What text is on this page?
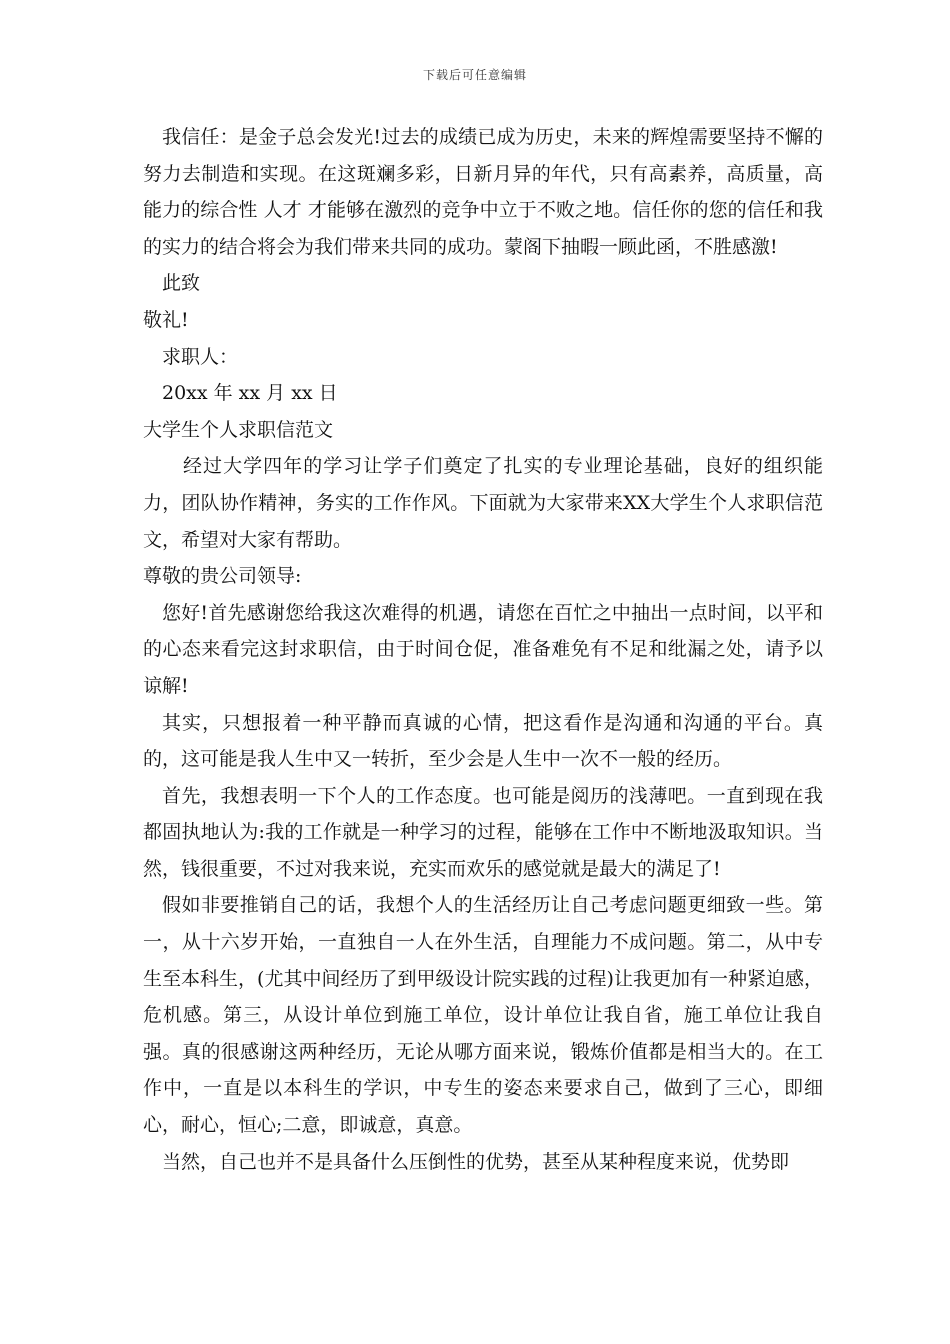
下载后可任意编辑

我信任：是金子总会发光!过去的成绩已成为历史，未来的辉煌需要坚持不懈的努力去制造和实现。在这斑斓多彩，日新月异的年代，只有高素养，高质量，高能力的综合性 人才 才能够在激烈的竞争中立于不败之地。信任你的您的信任和我的实力的结合将会为我们带来共同的成功。蒙阁下抽暇一顾此函，不胜感激!

此致

敬礼!

求职人：

20xx 年 xx 月 xx 日

大学生个人求职信范文

经过大学四年的学习让学子们奠定了扎实的专业理论基础，良好的组织能力，团队协作精神，务实的工作作风。下面就为大家带来XX大学生个人求职信范文，希望对大家有帮助。

尊敬的贵公司领导:

您好!首先感谢您给我这次难得的机遇，请您在百忙之中抽出一点时间，以平和的心态来看完这封求职信，由于时间仓促，准备难免有不足和纰漏之处，请予以谅解!

其实，只想报着一种平静而真诚的心情，把这看作是沟通和沟通的平台。真的，这可能是我人生中又一转折，至少会是人生中一次不一般的经历。

首先，我想表明一下个人的工作态度。也可能是阅历的浅薄吧。一直到现在我都固执地认为:我的工作就是一种学习的过程，能够在工作中不断地汲取知识。当然，钱很重要，不过对我来说，充实而欢乐的感觉就是最大的满足了!

假如非要推销自己的话，我想个人的生活经历让自己考虑问题更细致一些。第一，从十六岁开始，一直独自一人在外生活，自理能力不成问题。第二，从中专生至本科生，(尤其中间经历了到甲级设计院实践的过程)让我更加有一种紧迫感，危机感。第三，从设计单位到施工单位，设计单位让我自省，施工单位让我自强。真的很感谢这两种经历，无论从哪方面来说，锻炼价值都是相当大的。在工作中，一直是以本科生的学识，中专生的姿态来要求自己，做到了三心，即细心，耐心，恒心;二意，即诚意，真意。

当然，自己也并不是具备什么压倒性的优势，甚至从某种程度来说，优势即
